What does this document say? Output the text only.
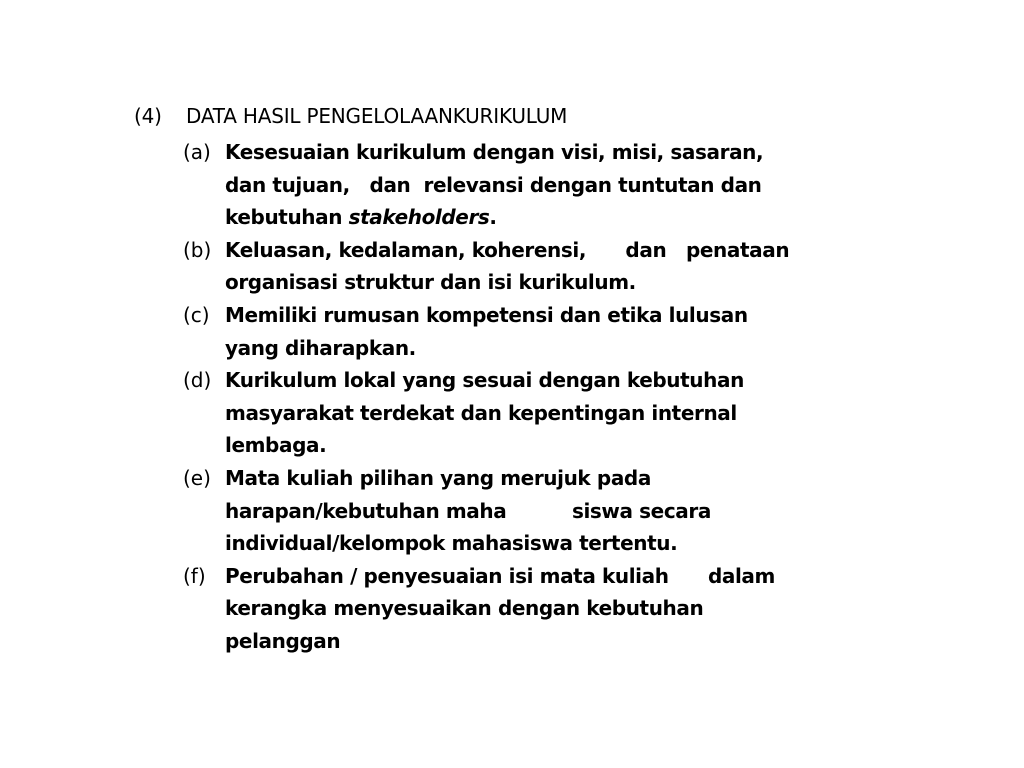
(4) DATA HASIL PENGELOLAANKURIKULUM
(a) Kesesuaian kurikulum dengan visi, misi, sasaran,
dan tujuan,   dan  relevansi dengan tuntutan dan
kebutuhan stakeholders.
(b) Keluasan, kedalaman, koherensi,      dan   penataan
organisasi struktur dan isi kurikulum.
(c) Memiliki rumusan kompetensi dan etika lulusan
yang diharapkan.
(d) Kurikulum lokal yang sesuai dengan kebutuhan
masyarakat terdekat dan kepentingan internal
lembaga.
(e) Mata kuliah pilihan yang merujuk pada
harapan/kebutuhan maha          siswa secara
individual/kelompok mahasiswa tertentu.
(f) Perubahan / penyesuaian isi mata kuliah      dalam
kerangka menyesuaikan dengan kebutuhan
pelanggan
